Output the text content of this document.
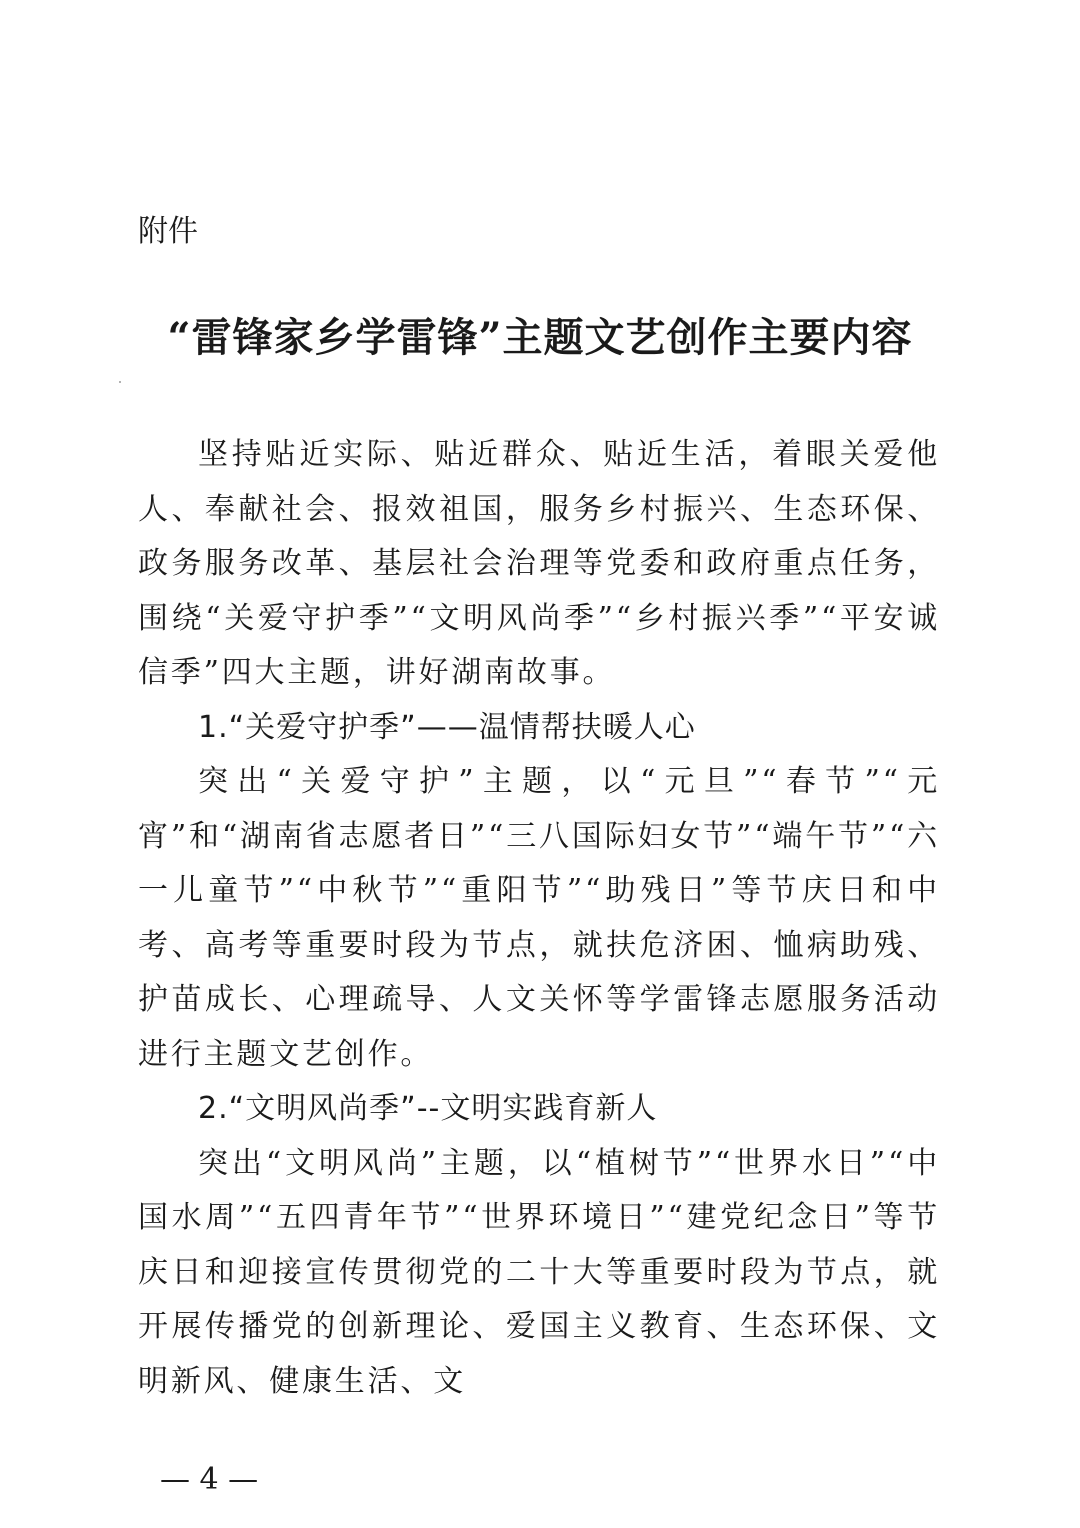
附件

“雷锋家乡学雷锋”主题文艺创作主要内容

坚持贴近实际、贴近群众、贴近生活，着眼关爱他人、奉献社会、报效祖国，服务乡村振兴、生态环保、政务服务改革、基层社会治理等党委和政府重点任务，围绕“关爱守护季”“文明风尚季”“乡村振兴季”“平安诚信季”四大主题，讲好湖南故事。

1.“关爱守护季”——温情帮扶暖人心

突出“关爱守护”主题，以“元旦”“春节”“元宵”和“湖南省志愿者日”“三八国际妇女节”“端午节”“六一儿童节”“中秋节”“重阳节”“助残日”等节庆日和中考、高考等重要时段为节点，就扶危济困、恤病助残、护苗成长、心理疏导、人文关怀等学雷锋志愿服务活动进行主题文艺创作。

2.“文明风尚季”--文明实践育新人

突出“文明风尚”主题，以“植树节”“世界水日”“中国水周”“五四青年节”“世界环境日”“建党纪念日”等节庆日和迎接宣传贯彻党的二十大等重要时段为节点，就开展传播党的创新理论、爱国主义教育、生态环保、文明新风、健康生活、文

— 4 —
